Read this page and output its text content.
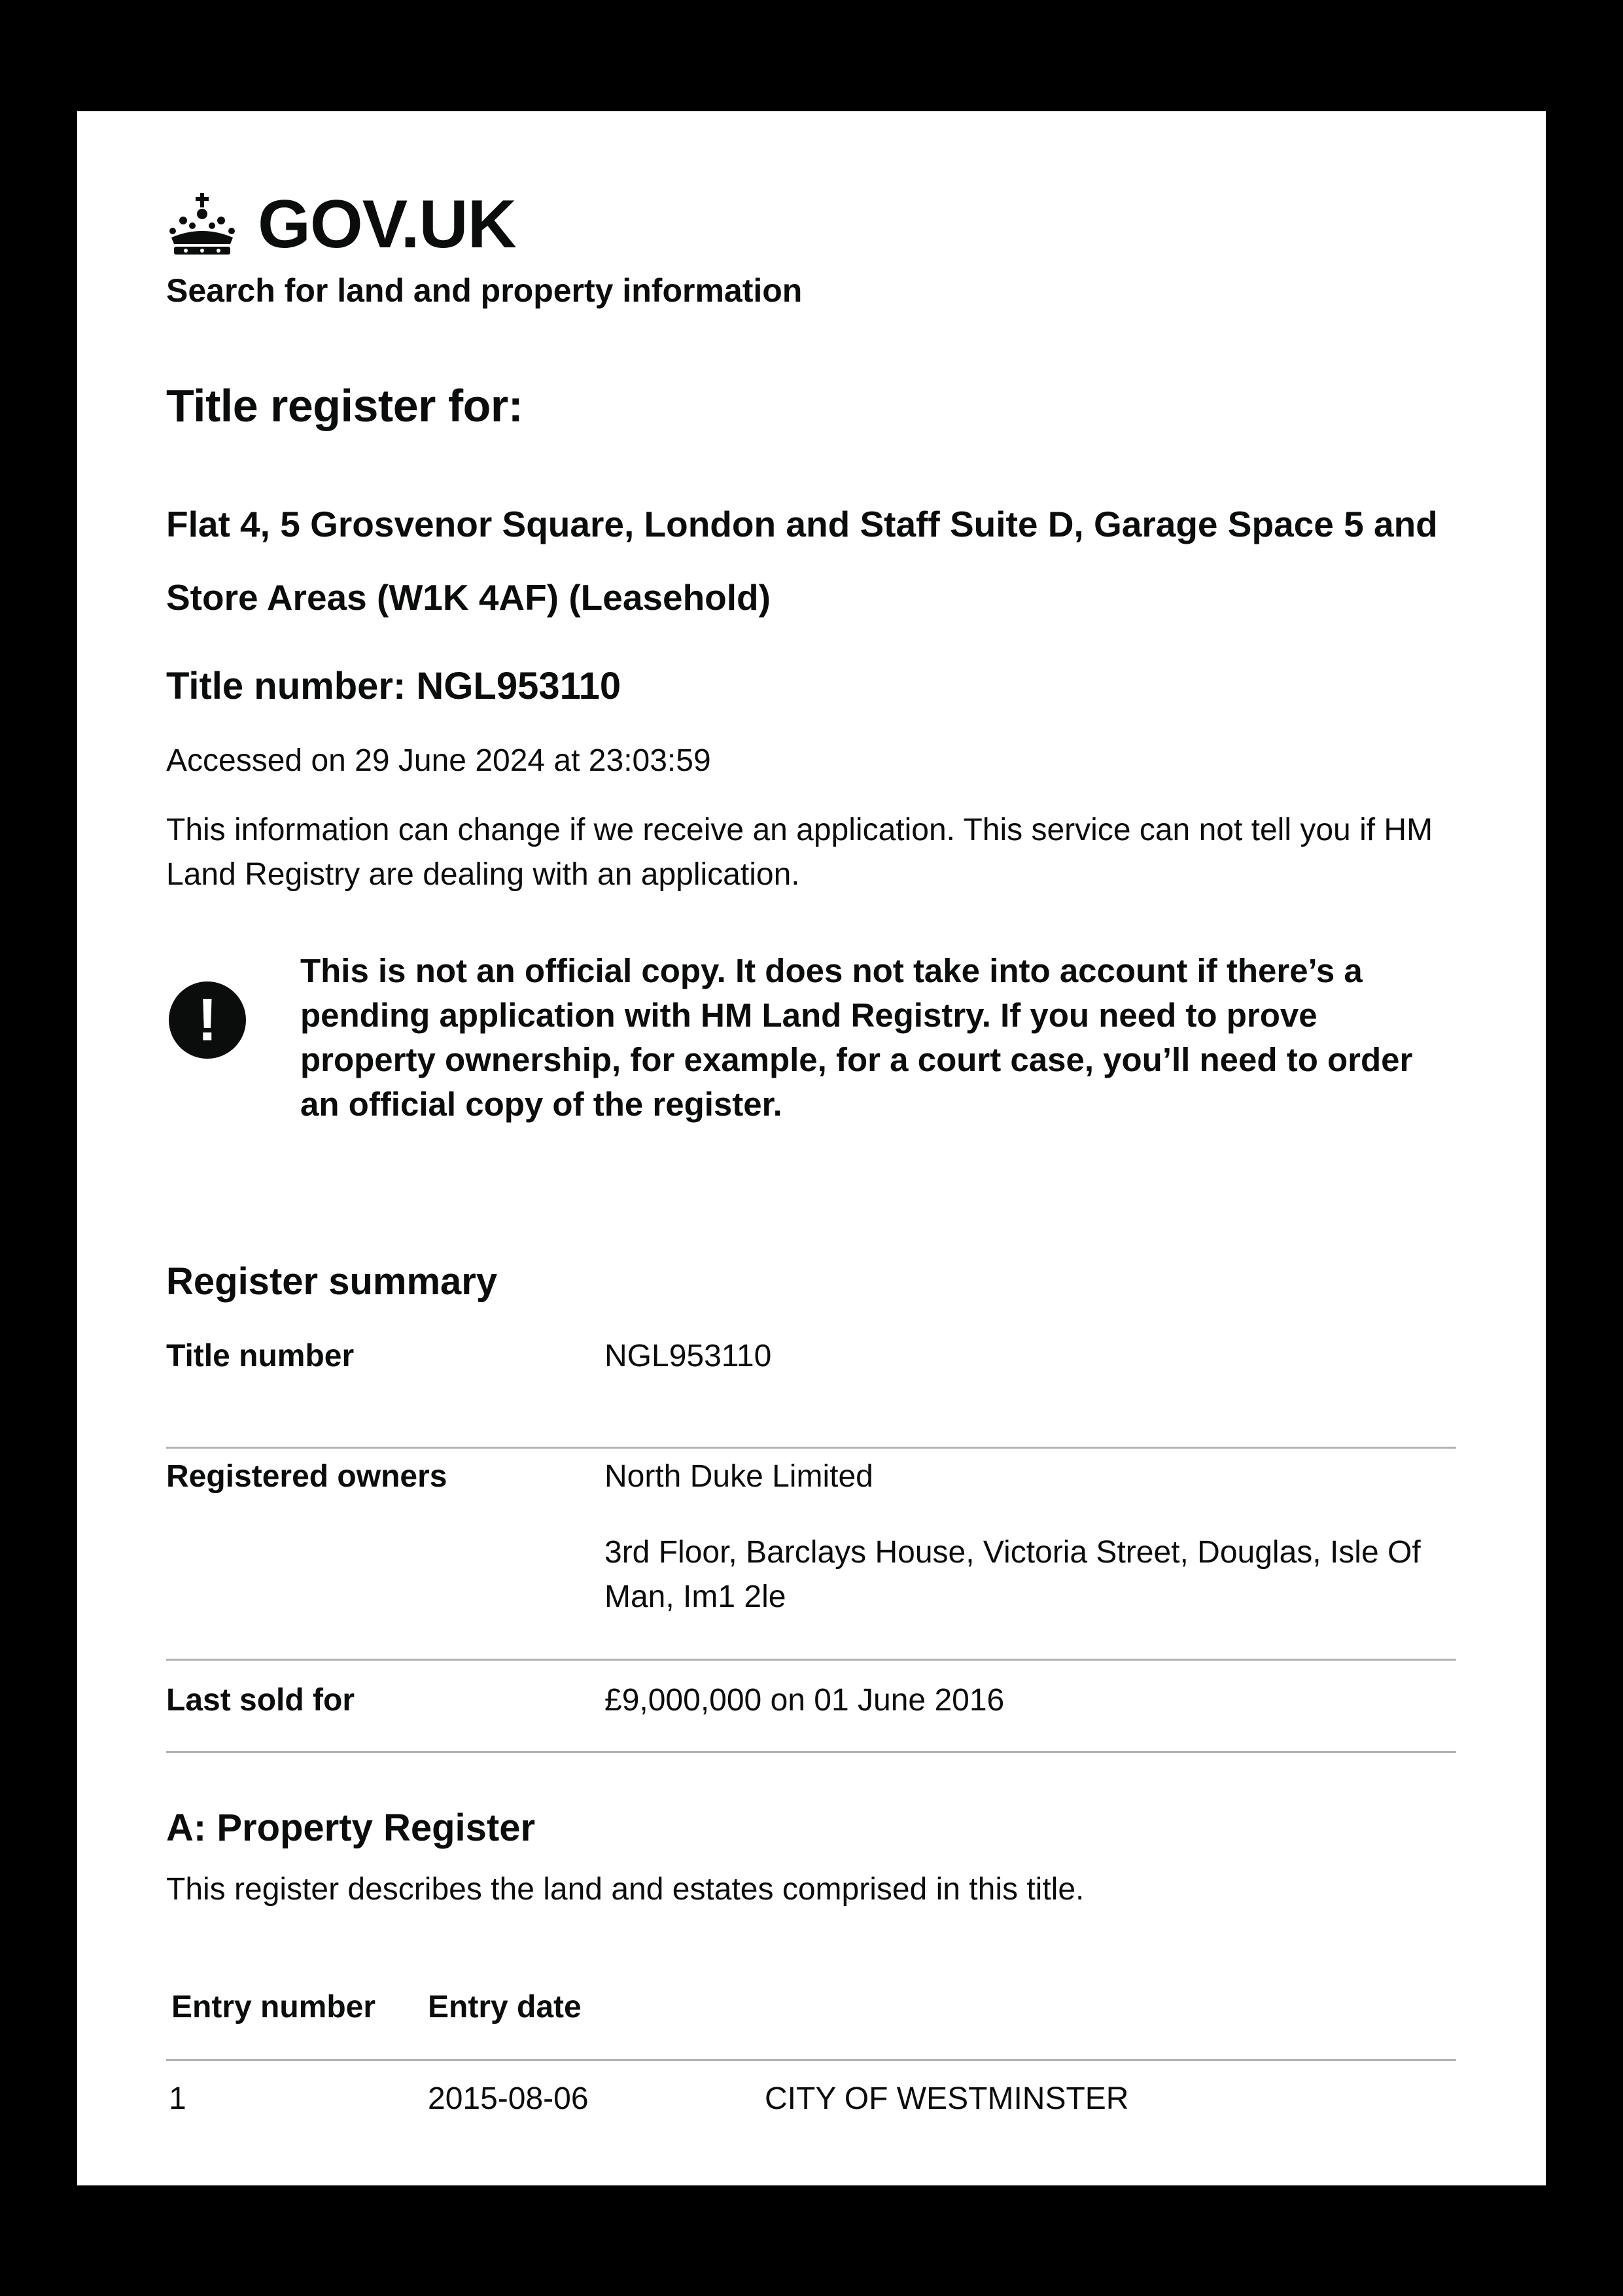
GOV.UK
Search for land and property information
Title register for:
Flat 4, 5 Grosvenor Square, London and Staff Suite D, Garage Space 5 and Store Areas (W1K 4AF) (Leasehold)
Title number: NGL953110
Accessed on 29 June 2024 at 23:03:59
This information can change if we receive an application. This service can not tell you if HM Land Registry are dealing with an application.
!
This is not an official copy. It does not take into account if there’s a pending application with HM Land Registry. If you need to prove property ownership, for example, for a court case, you’ll need to order an official copy of the register.
Register summary
Title number	NGL953110
Registered owners	North Duke Limited
3rd Floor, Barclays House, Victoria Street, Douglas, Isle Of Man, Im1 2le
Last sold for	£9,000,000 on 01 June 2016
A: Property Register
This register describes the land and estates comprised in this title.
Entry number Entry date
1	2015-08-06	CITY OF WESTMINSTER
